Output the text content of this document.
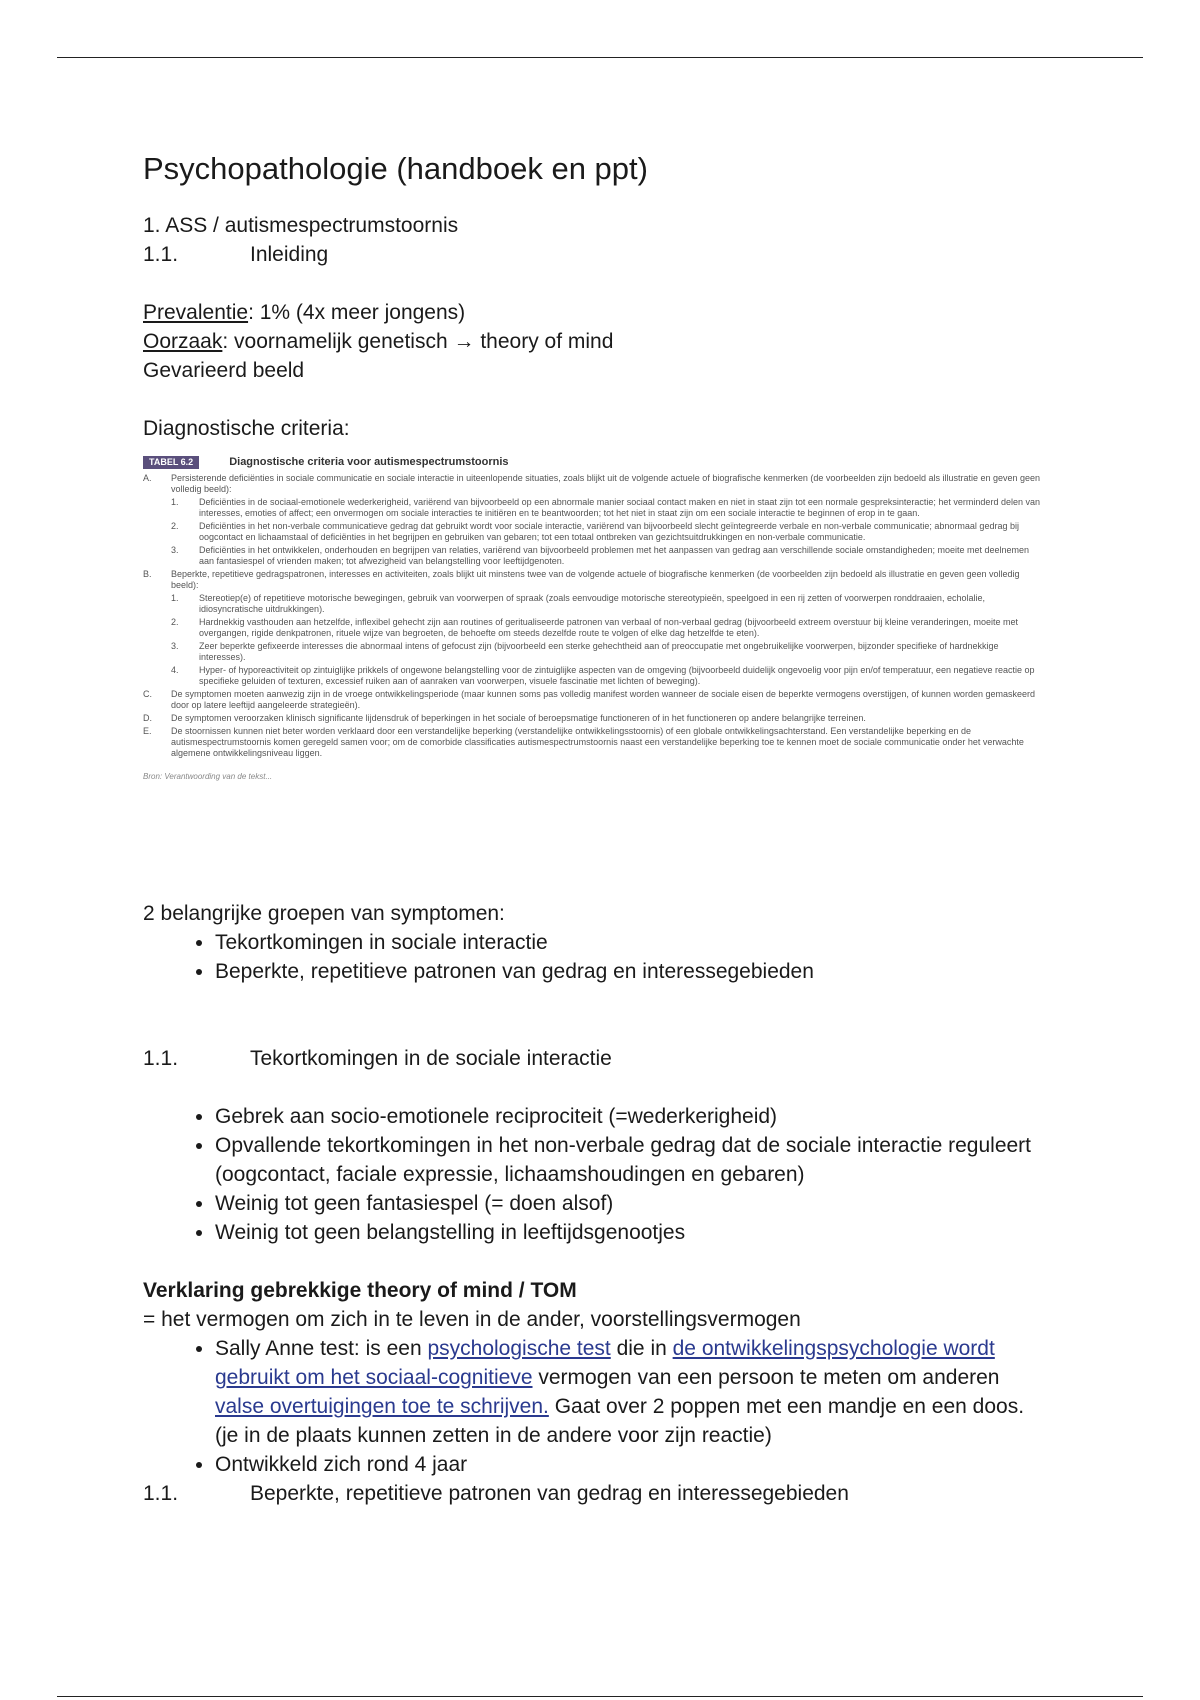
Psychopathologie (handboek en ppt)

1. ASS / autismespectrumstoornis

1.1.	Inleiding

Prevalentie: 1% (4x meer jongens)

Oorzaak: voornamelijk genetisch → theory of mind

Gevarieerd beeld

Diagnostische criteria:

TABEL 6.2	Diagnostische criteria voor autismespectrumstoornis
A.	Persisterende deficiënties in sociale communicatie en sociale interactie in uiteenlopende situaties, zoals blijkt uit de volgende actuele of biografische kenmerken (de voorbeelden zijn bedoeld als illustratie en geven geen volledig beeld):
1.	Deficiënties in de sociaal-emotionele wederkerigheid, variërend van bijvoorbeeld op een abnormale manier sociaal contact maken en niet in staat zijn tot een normale gespreksinteractie; het verminderd delen van interesses, emoties of affect; een onvermogen om sociale interacties te initiëren en te beantwoorden; tot het niet in staat zijn om een sociale interactie te beginnen of erop in te gaan.
2.	Deficiënties in het non-verbale communicatieve gedrag dat gebruikt wordt voor sociale interactie, variërend van bijvoorbeeld slecht geïntegreerde verbale en non-verbale communicatie; abnormaal gedrag bij oogcontact en lichaamstaal of deficiënties in het begrijpen en gebruiken van gebaren; tot een totaal ontbreken van gezichtsuitdrukkingen en non-verbale communicatie.
3.	Deficiënties in het ontwikkelen, onderhouden en begrijpen van relaties, variërend van bijvoorbeeld problemen met het aanpassen van gedrag aan verschillende sociale omstandigheden; moeite met deelnemen aan fantasiespel of vrienden maken; tot afwezigheid van belangstelling voor leeftijdgenoten.
B.	Beperkte, repetitieve gedragspatronen, interesses en activiteiten, zoals blijkt uit minstens twee van de volgende actuele of biografische kenmerken (de voorbeelden zijn bedoeld als illustratie en geven geen volledig beeld):
1.	Stereotiep(e) of repetitieve motorische bewegingen, gebruik van voorwerpen of spraak (zoals eenvoudige motorische stereotypieën, speelgoed in een rij zetten of voorwerpen ronddraaien, echolalie, idiosyncratische uitdrukkingen).
2.	Hardnekkig vasthouden aan hetzelfde, inflexibel gehecht zijn aan routines of geritualiseerde patronen van verbaal of non-verbaal gedrag (bijvoorbeeld extreem overstuur bij kleine veranderingen, moeite met overgangen, rigide denkpatronen, rituele wijze van begroeten, de behoefte om steeds dezelfde route te volgen of elke dag hetzelfde te eten).
3.	Zeer beperkte gefixeerde interesses die abnormaal intens of gefocust zijn (bijvoorbeeld een sterke gehechtheid aan of preoccupatie met ongebruikelijke voorwerpen, bijzonder specifieke of hardnekkige interesses).
4.	Hyper- of hyporeactiviteit op zintuiglijke prikkels of ongewone belangstelling voor de zintuiglijke aspecten van de omgeving (bijvoorbeeld duidelijk ongevoelig voor pijn en/of temperatuur, een negatieve reactie op specifieke geluiden of texturen, excessief ruiken aan of aanraken van voorwerpen, visuele fascinatie met lichten of beweging).
C.	De symptomen moeten aanwezig zijn in de vroege ontwikkelingsperiode (maar kunnen soms pas volledig manifest worden wanneer de sociale eisen de beperkte vermogens overstijgen, of kunnen worden gemaskeerd door op latere leeftijd aangeleerde strategieën).
D.	De symptomen veroorzaken klinisch significante lijdensdruk of beperkingen in het sociale of beroepsmatige functioneren of in het functioneren op andere belangrijke terreinen.
E.	De stoornissen kunnen niet beter worden verklaard door een verstandelijke beperking (verstandelijke ontwikkelingsstoornis) of een globale ontwikkelingsachterstand. Een verstandelijke beperking en de autismespectrumstoornis komen geregeld samen voor; om de comorbide classificaties autismespectrumstoornis naast een verstandelijke beperking toe te kennen moet de sociale communicatie onder het verwachte algemene ontwikkelingsniveau liggen.
Bron: Verantwoording van de tekst...

2 belangrijke groepen van symptomen:

• Tekortkomingen in sociale interactie
• Beperkte, repetitieve patronen van gedrag en interessegebieden
1.1.	Tekortkomingen in de sociale interactie
• Gebrek aan socio-emotionele reciprociteit (=wederkerigheid)
• Opvallende tekortkomingen in het non-verbale gedrag dat de sociale interactie reguleert (oogcontact, faciale expressie, lichaamshoudingen en gebaren)
• Weinig tot geen fantasiespel (= doen alsof)
• Weinig tot geen belangstelling in leeftijdsgenootjes

Verklaring gebrekkige theory of mind / TOM

= het vermogen om zich in te leven in de ander, voorstellingsvermogen

• Sally Anne test: is een psychologische test die in de ontwikkelingspsychologie wordt gebruikt om het sociaal-cognitieve vermogen van een persoon te meten om anderen valse overtuigingen toe te schrijven. Gaat over 2 poppen met een mandje en een doos. (je in de plaats kunnen zetten in de andere voor zijn reactie)
• Ontwikkeld zich rond 4 jaar
1.1.	Beperkte, repetitieve patronen van gedrag en interessegebieden
